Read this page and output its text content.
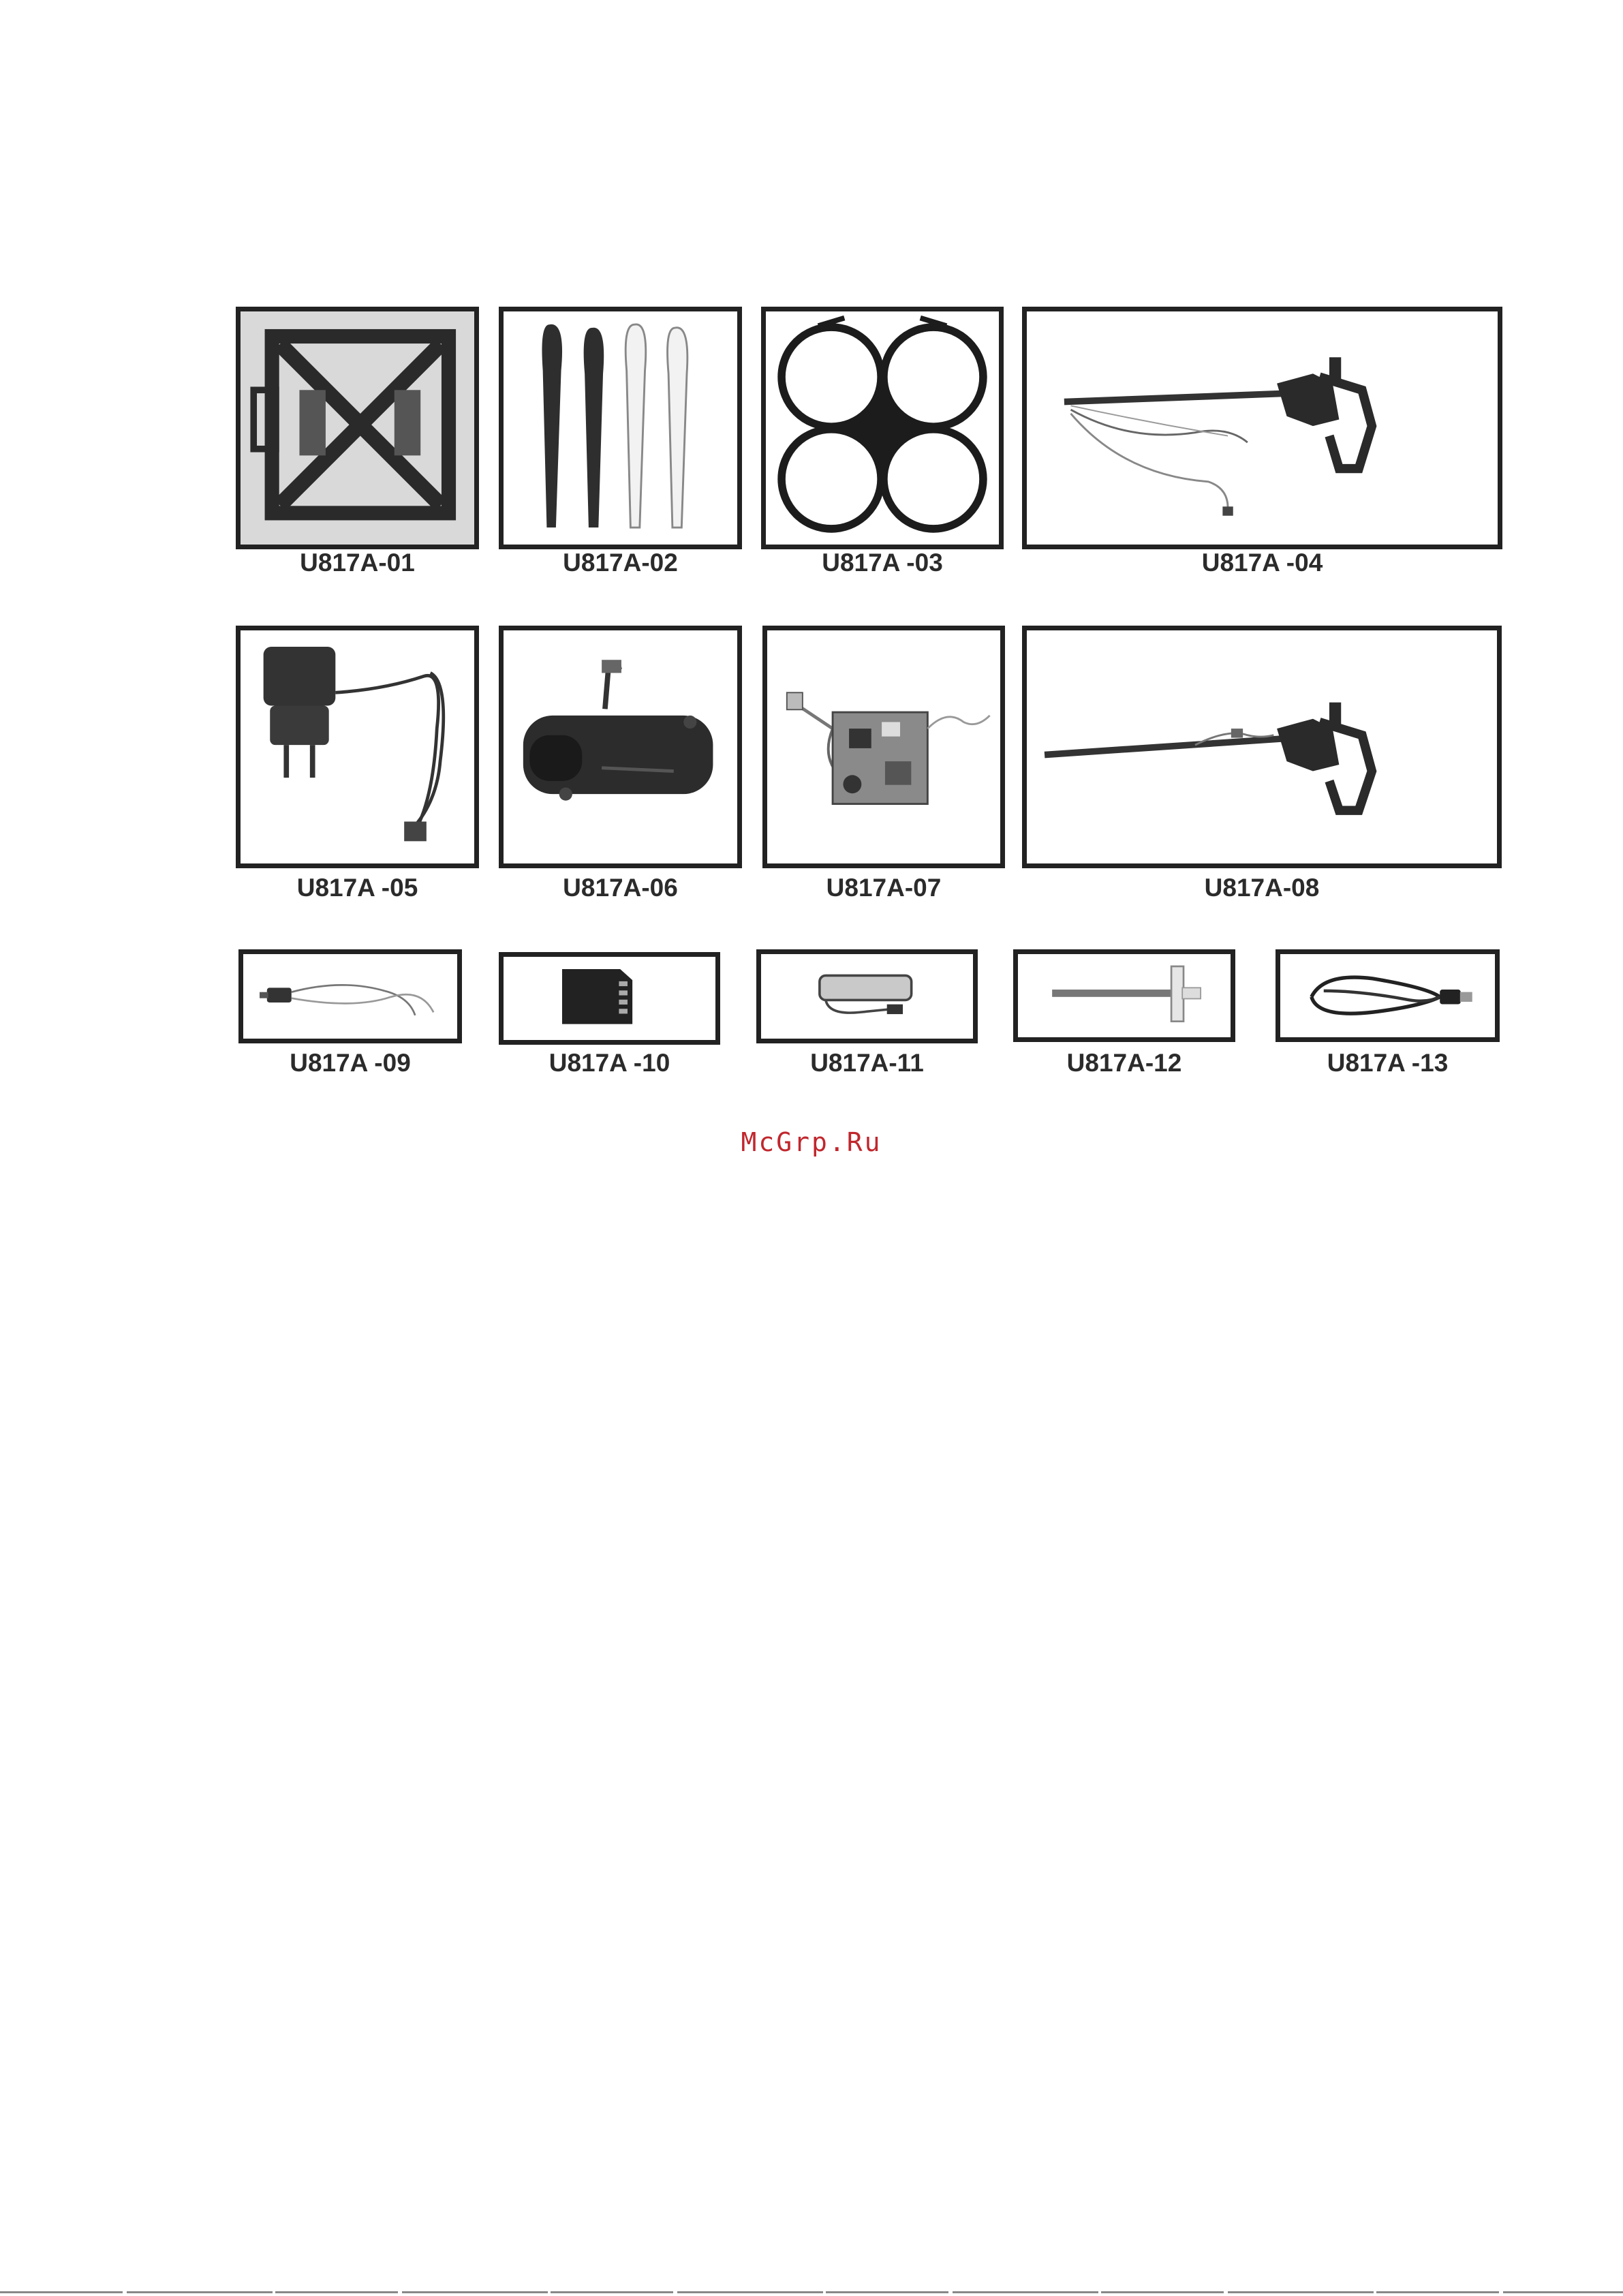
U817A-01	U817A-02	U817A -03	U817A -04
U817A -05	U817A-06	U817A-07	U817A-08
U817A -09	U817A -10	U817A-11	U817A-12	U817A -13
McGrp.Ru
